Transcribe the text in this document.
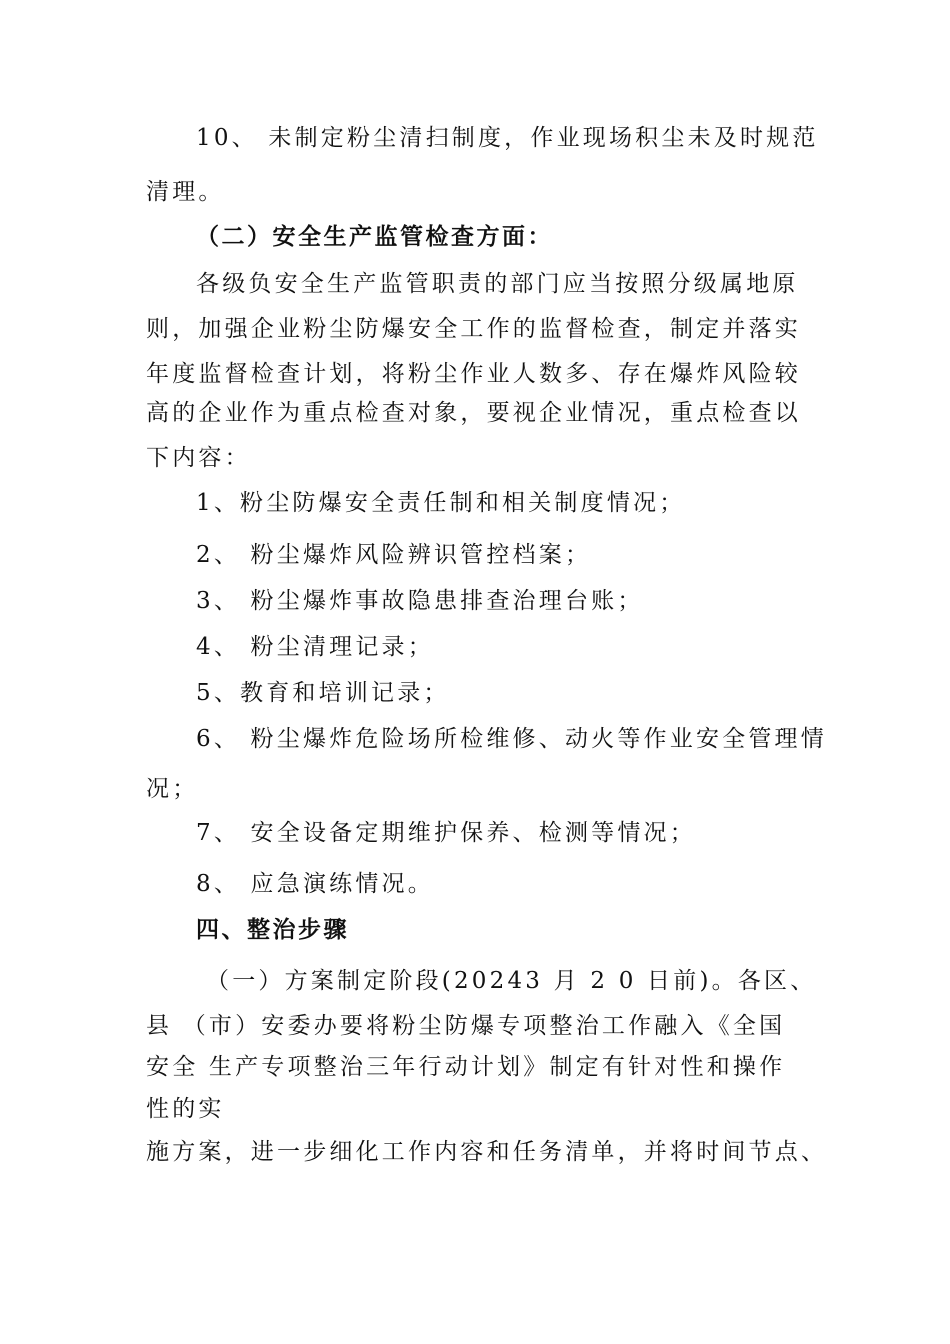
10、 未制定粉尘清扫制度，作业现场积尘未及时规范
清理。
（二）安全生产监管检查方面：
各级负安全生产监管职责的部门应当按照分级属地原
则，加强企业粉尘防爆安全工作的监督检查，制定并落实
年度监督检查计划，将粉尘作业人数多、存在爆炸风险较
高的企业作为重点检查对象，要视企业情况，重点检查以
下内容：
1、粉尘防爆安全责任制和相关制度情况；
2、 粉尘爆炸风险辨识管控档案；
3、 粉尘爆炸事故隐患排查治理台账；
4、 粉尘清理记录；
5、教育和培训记录；
6、 粉尘爆炸危险场所检维修、动火等作业安全管理情
况；
7、 安全设备定期维护保养、检测等情况；
8、 应急演练情况。
四、整治步骤
（一）方案制定阶段(20243 月 2 0 日前)。各区、
县 （市）安委办要将粉尘防爆专项整治工作融入《全国
安全 生产专项整治三年行动计划》制定有针对性和操作
性的实
施方案，进一步细化工作内容和任务清单，并将时间节点、
